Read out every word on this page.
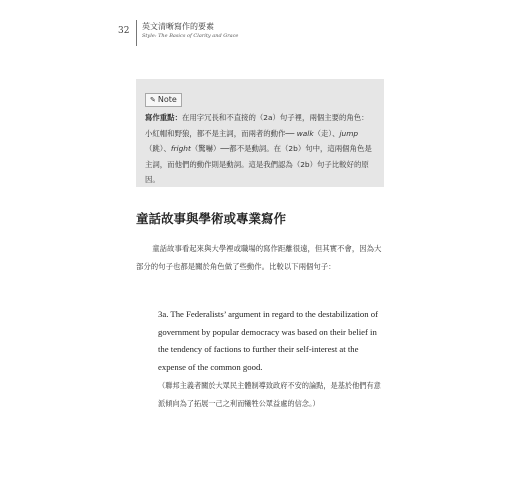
32 英文清晰寫作的要素
Style: The Basics of Clarity and Grace
✎ Note

寫作重點：在用字冗長和不直接的（2a）句子裡，兩個主要的角色：小紅帽和野狼，都不是主詞，而兩者的動作── walk（走）、jump（跳）、fright（驚嚇）──都不是動詞。在（2b）句中，這兩個角色是主詞，而他們的動作則是動詞。這是我們認為（2b）句子比較好的原因。

童話故事與學術或專業寫作

童話故事看起來與大學裡或職場的寫作距離很遠，但其實不會，因為大部分的句子也都是關於角色做了些動作。比較以下兩個句子：

3a. The Federalists’ argument in regard to the destabilization of government by popular democracy was based on their belief in the tendency of factions to further their self-interest at the expense of the common good.

（聯邦主義者關於大眾民主體制導致政府不安的論點，是基於他們有意派傾向為了拓展一己之利而犧牲公眾益處的信念。）
